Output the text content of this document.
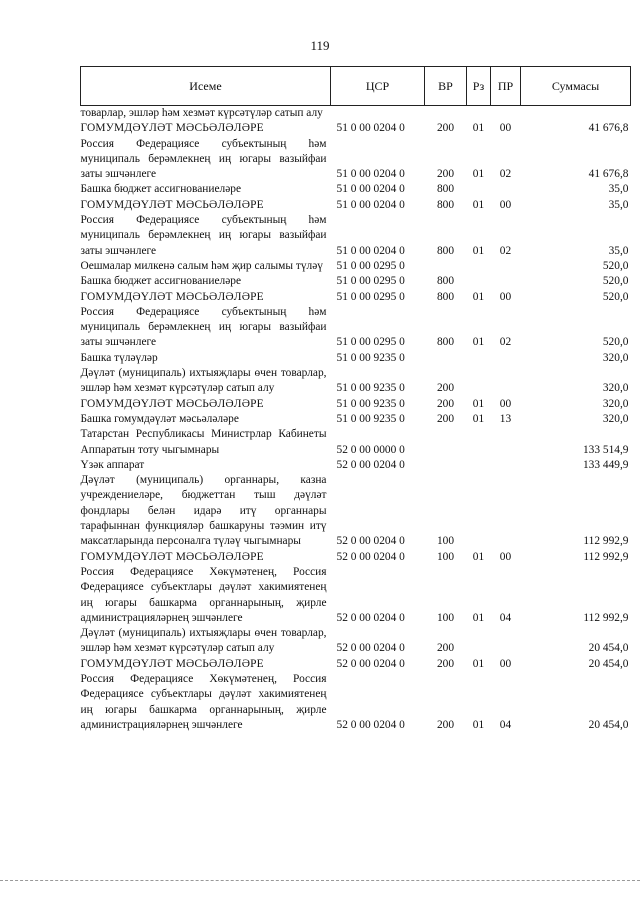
119
Исеме	ЦСР	ВР	Рз	ПР	Суммасы
товарлар, эшләр һәм хезмәт күрсәтүләр сатып алу					
ГОМУМДӘҮЛӘТ МӘСЬӘЛӘЛӘРЕ	51 0 00 0204 0	200	01	00	41 676,8
Россия Федерациясе субъектының һәм муниципаль берәмлекнең иң югары вазыйфаи заты эшчәнлеге	51 0 00 0204 0	200	01	02	41 676,8
Башка бюджет ассигнованиеләре	51 0 00 0204 0	800			35,0
ГОМУМДӘҮЛӘТ МӘСЬӘЛӘЛӘРЕ	51 0 00 0204 0	800	01	00	35,0
Россия Федерациясе субъектының һәм муниципаль берәмлекнең иң югары вазыйфаи заты эшчәнлеге	51 0 00 0204 0	800	01	02	35,0
Оешмалар милкенә салым һәм җир салымы түләү	51 0 00 0295 0				520,0
Башка бюджет ассигнованиеләре	51 0 00 0295 0	800			520,0
ГОМУМДӘҮЛӘТ МӘСЬӘЛӘЛӘРЕ	51 0 00 0295 0	800	01	00	520,0
Россия Федерациясе субъектының һәм муниципаль берәмлекнең иң югары вазыйфаи заты эшчәнлеге	51 0 00 0295 0	800	01	02	520,0
Башка түләүләр	51 0 00 9235 0				320,0
Дәүләт (муниципаль) ихтыяҗлары өчен товарлар, эшләр һәм хезмәт күрсәтүләр сатып алу	51 0 00 9235 0	200			320,0
ГОМУМДӘҮЛӘТ МӘСЬӘЛӘЛӘРЕ	51 0 00 9235 0	200	01	00	320,0
Башка гомумдәүләт мәсьәләләре	51 0 00 9235 0	200	01	13	320,0
Татарстан Республикасы Министрлар Кабинеты Аппаратын тоту чыгымнары	52 0 00 0000 0				133 514,9
Үзәк аппарат	52 0 00 0204 0				133 449,9
Дәүләт (муниципаль) органнары, казна учреждениеләре, бюджеттан тыш дәүләт фондлары белән идарә итү органнары тарафыннан функцияләр башкаруны тәэмин итү максатларында персоналга түләү чыгымнары	52 0 00 0204 0	100			112 992,9
ГОМУМДӘҮЛӘТ МӘСЬӘЛӘЛӘРЕ	52 0 00 0204 0	100	01	00	112 992,9
Россия Федерациясе Хөкүмәтенең, Россия Федерациясе субъектлары дәүләт хакимиятенең иң югары башкарма органнарының, җирле администрацияләрнең эшчәнлеге	52 0 00 0204 0	100	01	04	112 992,9
Дәүләт (муниципаль) ихтыяҗлары өчен товарлар, эшләр һәм хезмәт күрсәтүләр сатып алу	52 0 00 0204 0	200			20 454,0
ГОМУМДӘҮЛӘТ МӘСЬӘЛӘЛӘРЕ	52 0 00 0204 0	200	01	00	20 454,0
Россия Федерациясе Хөкүмәтенең, Россия Федерациясе субъектлары дәүләт хакимиятенең иң югары башкарма органнарының, җирле администрацияләрнең эшчәнлеге	52 0 00 0204 0	200	01	04	20 454,0
